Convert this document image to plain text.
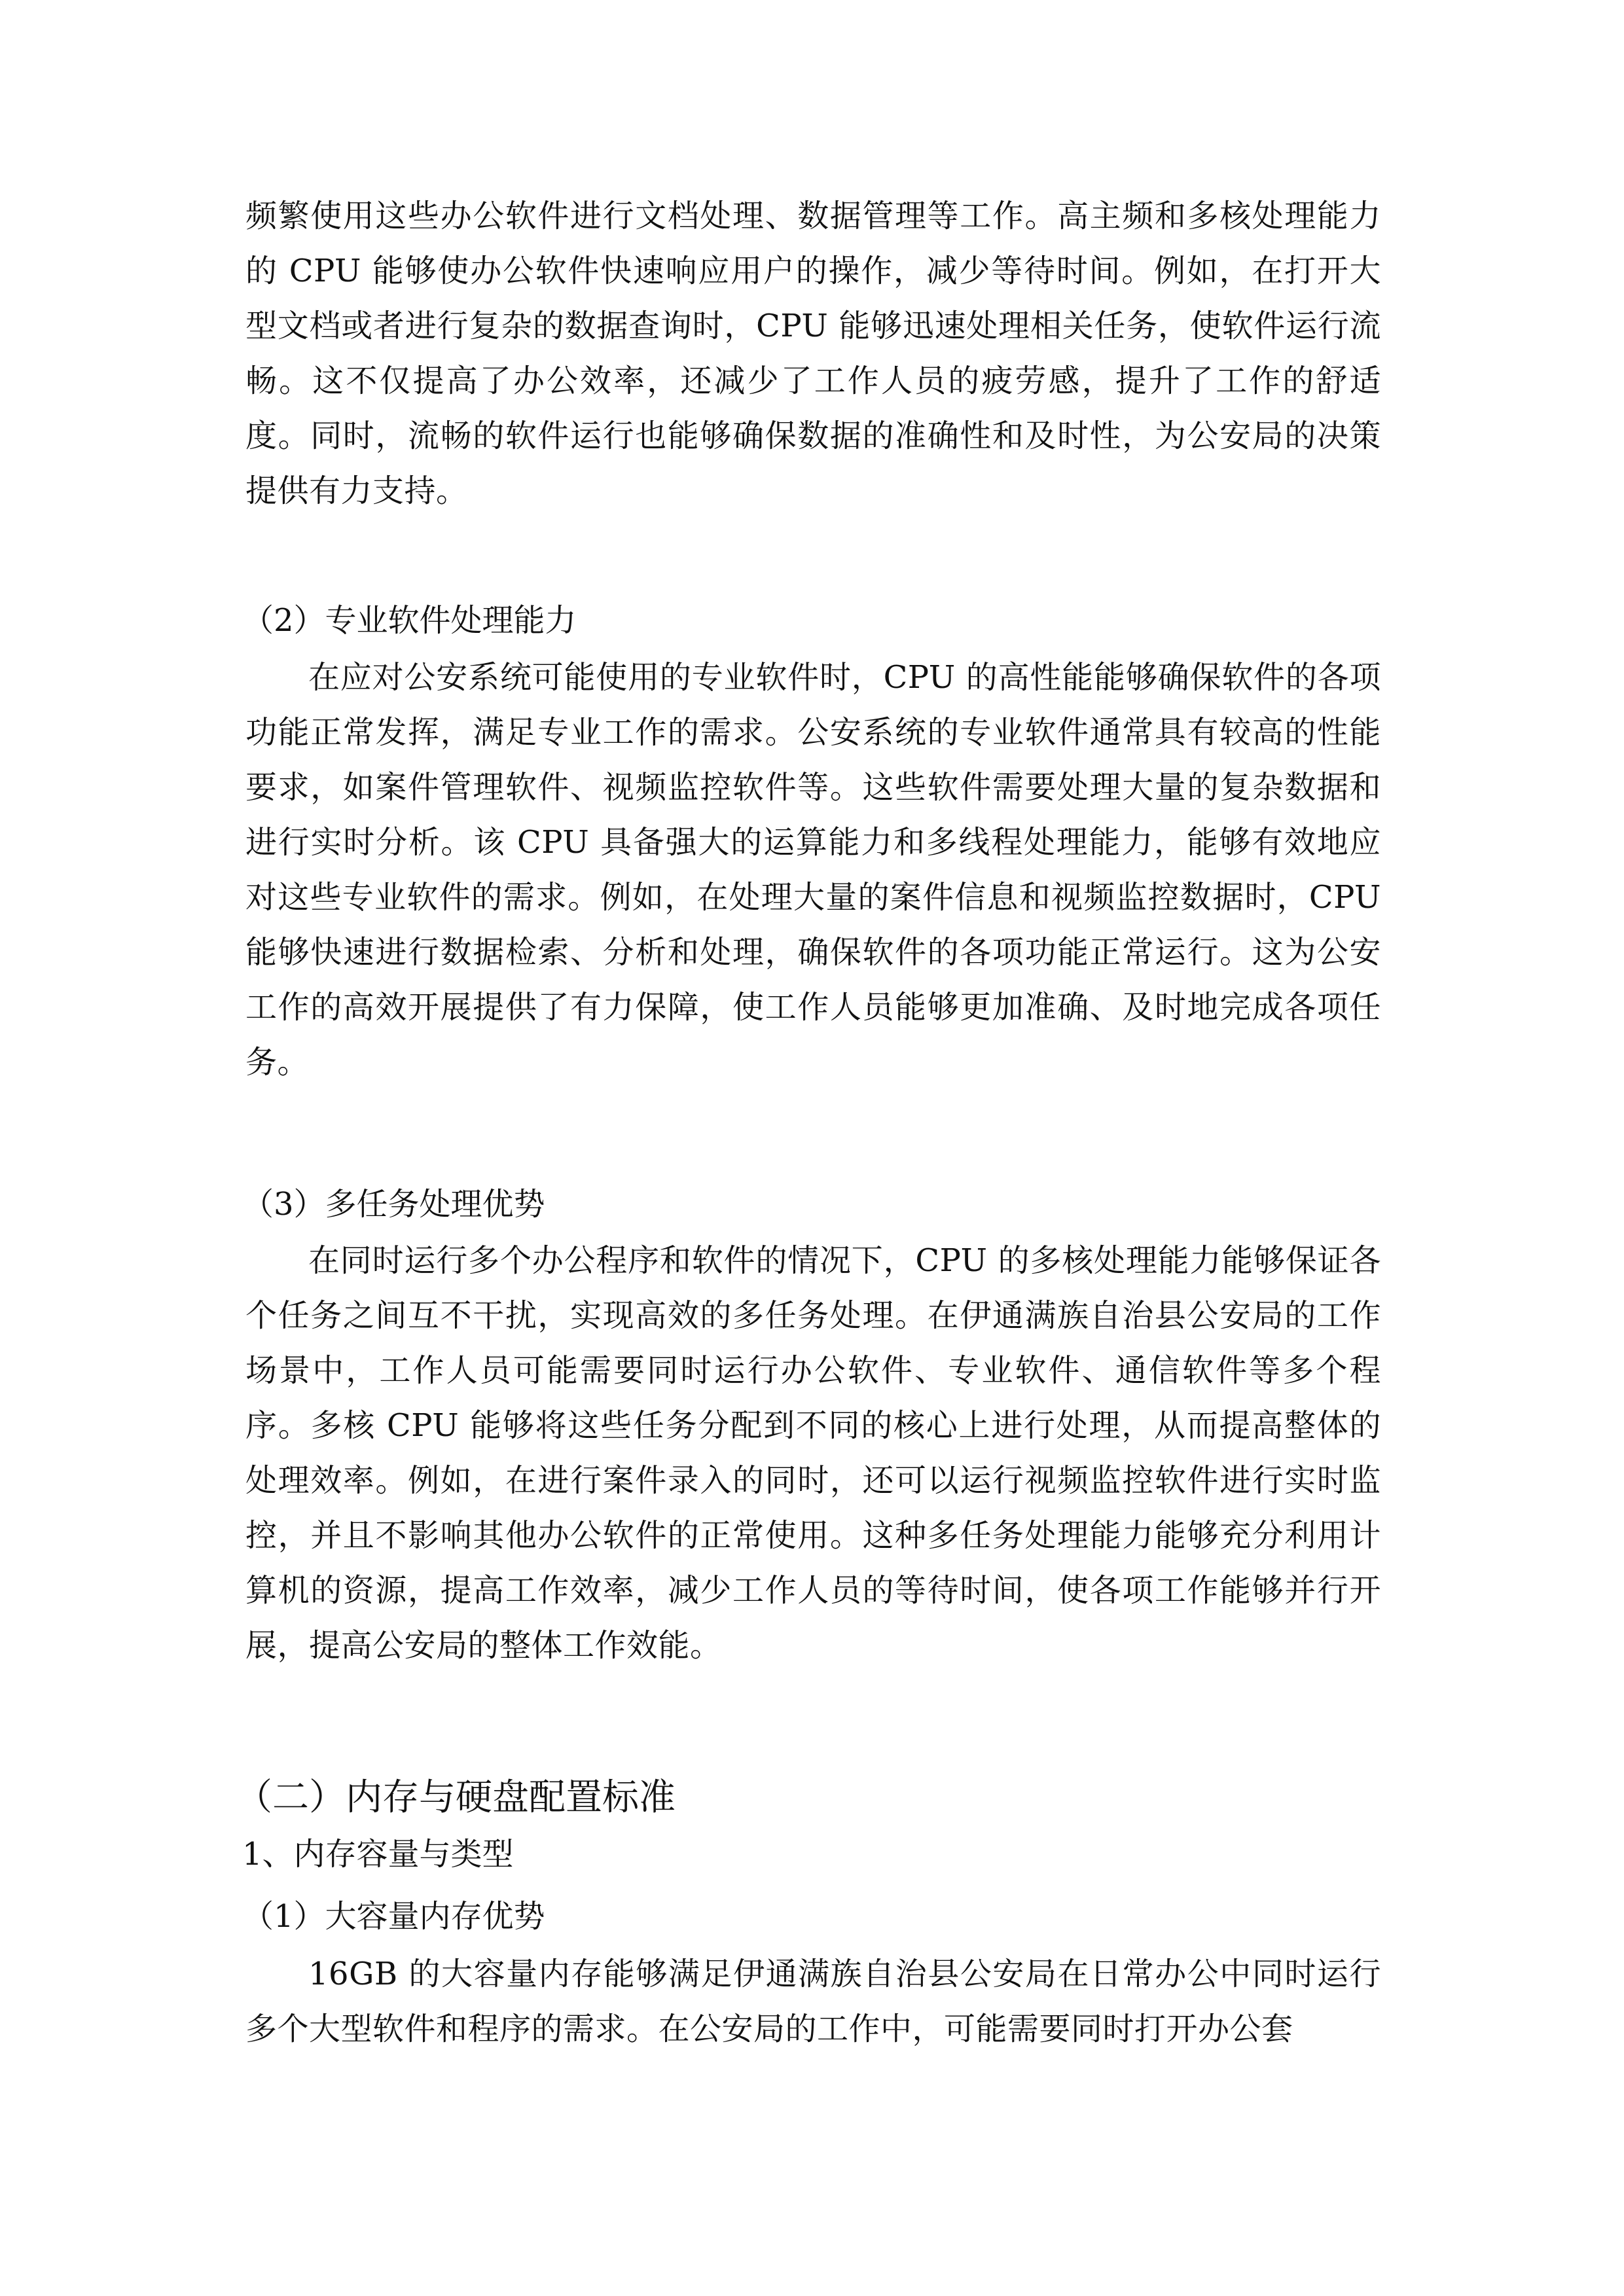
频繁使用这些办公软件进行文档处理、数据管理等工作。高主频和多核处理能力的 CPU 能够使办公软件快速响应用户的操作，减少等待时间。例如，在打开大型文档或者进行复杂的数据查询时，CPU 能够迅速处理相关任务，使软件运行流畅。这不仅提高了办公效率，还减少了工作人员的疲劳感，提升了工作的舒适度。同时，流畅的软件运行也能够确保数据的准确性和及时性，为公安局的决策提供有力支持。

（2）专业软件处理能力

在应对公安系统可能使用的专业软件时，CPU 的高性能能够确保软件的各项功能正常发挥，满足专业工作的需求。公安系统的专业软件通常具有较高的性能要求，如案件管理软件、视频监控软件等。这些软件需要处理大量的复杂数据和进行实时分析。该 CPU 具备强大的运算能力和多线程处理能力，能够有效地应对这些专业软件的需求。例如，在处理大量的案件信息和视频监控数据时，CPU 能够快速进行数据检索、分析和处理，确保软件的各项功能正常运行。这为公安工作的高效开展提供了有力保障，使工作人员能够更加准确、及时地完成各项任务。

（3）多任务处理优势

在同时运行多个办公程序和软件的情况下，CPU 的多核处理能力能够保证各个任务之间互不干扰，实现高效的多任务处理。在伊通满族自治县公安局的工作场景中，工作人员可能需要同时运行办公软件、专业软件、通信软件等多个程序。多核 CPU 能够将这些任务分配到不同的核心上进行处理，从而提高整体的处理效率。例如，在进行案件录入的同时，还可以运行视频监控软件进行实时监控，并且不影响其他办公软件的正常使用。这种多任务处理能力能够充分利用计算机的资源，提高工作效率，减少工作人员的等待时间，使各项工作能够并行开展，提高公安局的整体工作效能。

（二）内存与硬盘配置标准
1、内存容量与类型
（1）大容量内存优势

16GB 的大容量内存能够满足伊通满族自治县公安局在日常办公中同时运行多个大型软件和程序的需求。在公安局的工作中，可能需要同时打开办公套
